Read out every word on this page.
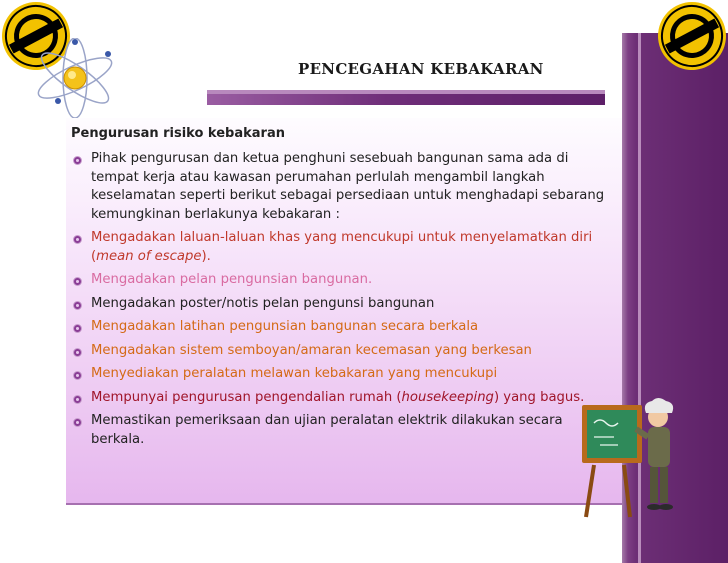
PENCEGAHAN KEBAKARAN
Pengurusan risiko kebakaran
Pihak pengurusan dan ketua penghuni sesebuah bangunan sama ada di tempat kerja atau kawasan perumahan perlulah mengambil langkah keselamatan seperti berikut sebagai persediaan untuk menghadapi sebarang kemungkinan berlakunya kebakaran :
Mengadakan laluan-laluan khas yang mencukupi untuk menyelamatkan diri (mean of escape).
Mengadakan pelan pengunsian bangunan.
Mengadakan poster/notis pelan pengunsi bangunan
Mengadakan latihan pengunsian bangunan secara berkala
Mengadakan sistem semboyan/amaran kecemasan yang berkesan
Menyediakan peralatan melawan kebakaran yang mencukupi
Mempunyai pengurusan pengendalian rumah (housekeeping) yang bagus.
Memastikan pemeriksaan dan ujian peralatan elektrik dilakukan secara berkala.
